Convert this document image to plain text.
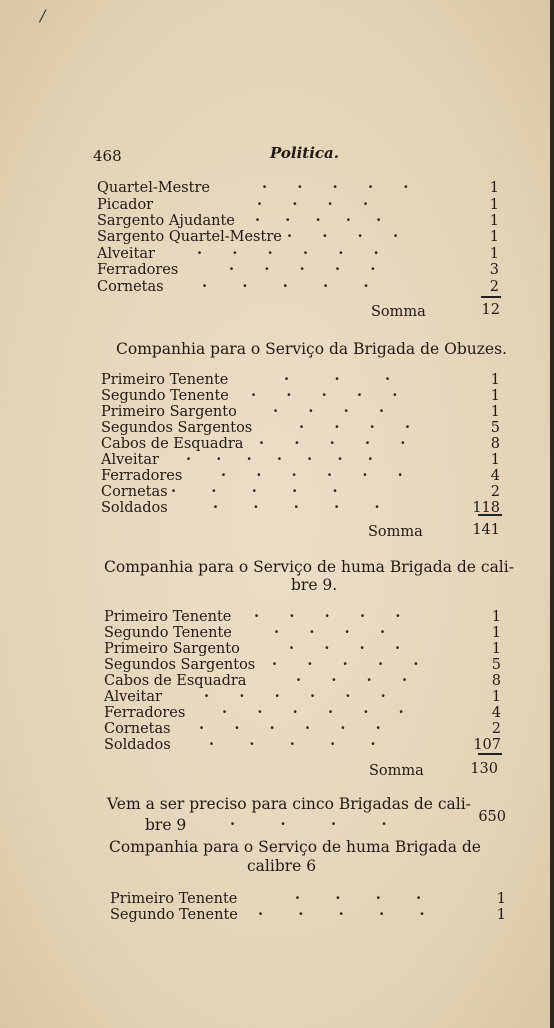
/
468	Politica.
Quartel-Mestre	·      ·      ·      ·      ·	1
Picador	·      ·      ·      ·	1
Sargento Ajudante ·     ·     ·     ·     ·	1
Sargento Quartel-Mestre ·      ·      ·      ·	1
Alveitar	·      ·      ·      ·      ·      ·	1
Ferradores	·      ·      ·      ·      ·	3
Cornetas	·       ·       ·       ·       ·	2
Somma	12
Companhia para o Serviço da Brigada de Obuzes.
Primeiro Tenente	·         ·         ·	1
Segundo Tenente ·      ·      ·      ·      ·	1
Primeiro Sargento ·      ·      ·      ·	1
Segundos Sargentos	·      ·      ·      ·	5
Cabos de Esquadra ·      ·      ·      ·      ·	8
Alveitar ·     ·     ·     ·     ·     ·     ·	1
Ferradores	·      ·      ·      ·      ·      ·	4
Cornetas ·       ·       ·       ·       ·	2
Soldados	·       ·       ·       ·       ·	118
Somma	141
Companhia para o Serviço de huma Brigada de cali-
bre 9.
Primeiro Tenente ·      ·      ·      ·      ·	1
Segundo Tenente	·      ·      ·      ·	1
Primeiro Sargento	·      ·      ·      ·	1
Segundos Sargentos ·      ·      ·      ·      ·	5
Cabos de Esquadra	·      ·      ·      ·	8
Alveitar	·      ·      ·      ·      ·      ·	1
Ferradores	·      ·      ·      ·      ·      ·	4
Cornetas ·      ·      ·      ·      ·      ·	2
Soldados	·       ·       ·       ·       ·	107
Somma	130
Vem a ser preciso para cinco Brigadas de cali-
bre 9	·         ·         ·         ·	650
Companhia para o Serviço de huma Brigada de
calibre 6
Primeiro Tenente	·       ·       ·       ·	1
Segundo Tenente ·       ·       ·       ·       ·	1
